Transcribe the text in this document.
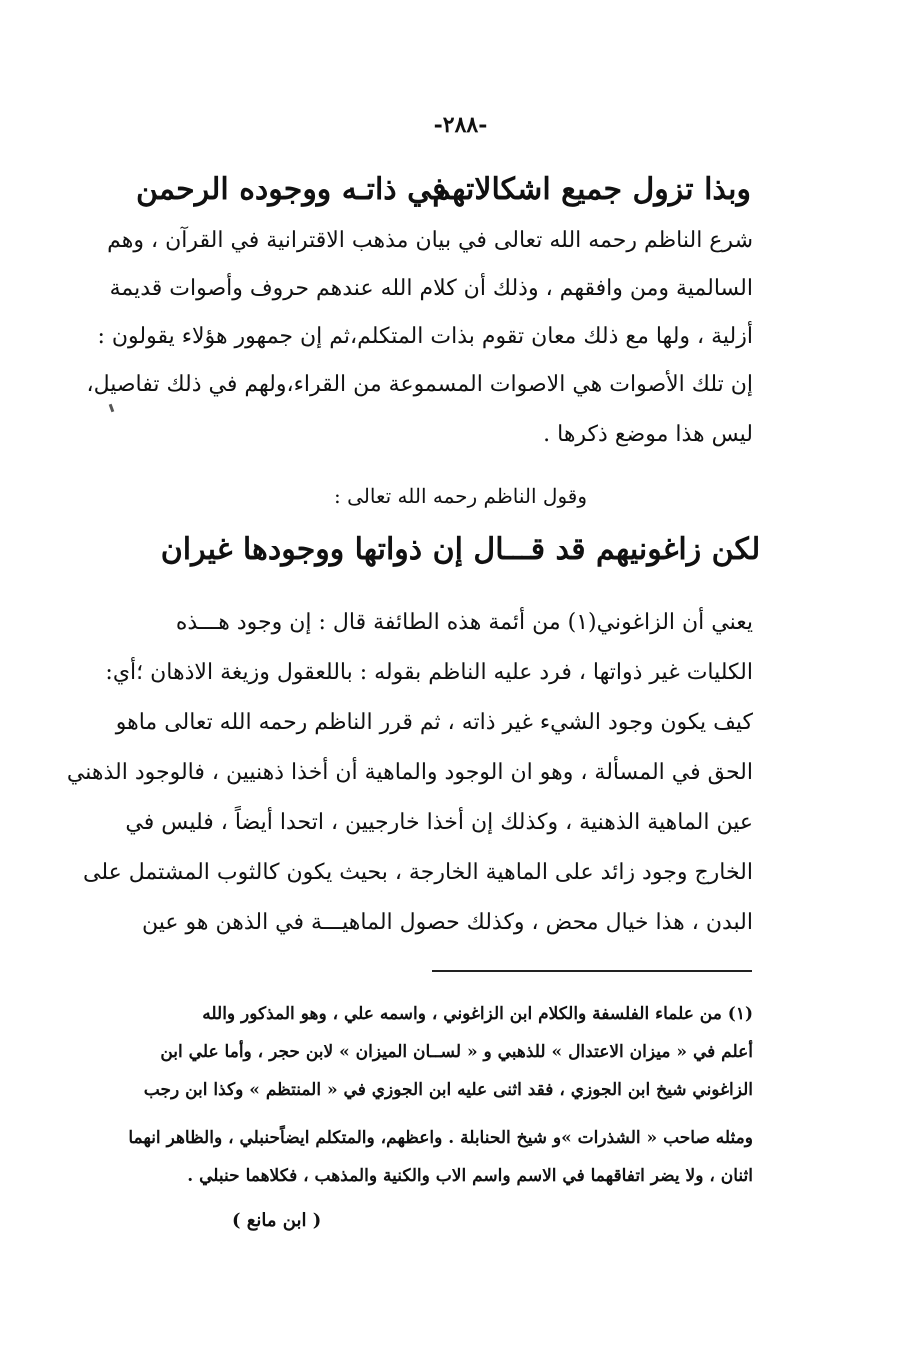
-٢٨٨-
وبذا تزول جميع اشكالاتهم
في ذاتـه ووجوده الرحمن
شرع الناظم رحمه الله تعالى في بيان مذهب الاقترانية في القرآن ، وهم
السالمية ومن وافقهم ، وذلك أن كلام الله عندهم حروف وأصوات قديمة
أزلية ، ولها مع ذلك معان تقوم بذات المتكلم،ثم إن جمهور هؤلاء يقولون :
إن تلك الأصوات هي الاصوات المسموعة من القراء،ولهم في ذلك تفاصيل،
ليس هذا موضع ذكرها .
وقول الناظم رحمه الله تعالى :
لكن زاغونيهم قد قـــال إن ذواتها ووجودها غيران
يعني أن الزاغوني(١) من أئمة هذه الطائفة قال : إن وجود هـــذه
الكليات غير ذواتها ، فرد عليه الناظم بقوله : باللعقول وزيغة الاذهان ؛أي:
كيف يكون وجود الشيء غير ذاته ، ثم قرر الناظم رحمه الله تعالى ماهو
الحق في المسألة ، وهو ان الوجود والماهية أن أخذا ذهنيين ، فالوجود الذهني
عين الماهية الذهنية ، وكذلك إن أخذا خارجيين ، اتحدا أيضاً ، فليس في
الخارج وجود زائد على الماهية الخارجة ، بحيث يكون كالثوب المشتمل على
البدن ، هذا خيال محض ، وكذلك حصول الماهيـــة في الذهن هو عين
(١) من علماء الفلسفة والكلام ابن الزاغوني ، واسمه علي ، وهو المذكور والله
أعلم في « ميزان الاعتدال » للذهبي و « لســان الميزان » لابن حجر ، وأما علي ابن
الزاغوني شيخ ابن الجوزي ، فقد اثنى عليه ابن الجوزي في « المنتظم » وكذا ابن رجب
ومثله صاحب « الشذرات »و شيخ الحنابلة . واعظهم، والمتكلم ايضاًحنبلي ، والظاهر انهما
اثنان ، ولا يضر اتفاقهما في الاسم واسم الاب والكنية والمذهب ، فكلاهما حنبلي .
( ابن مانع )
